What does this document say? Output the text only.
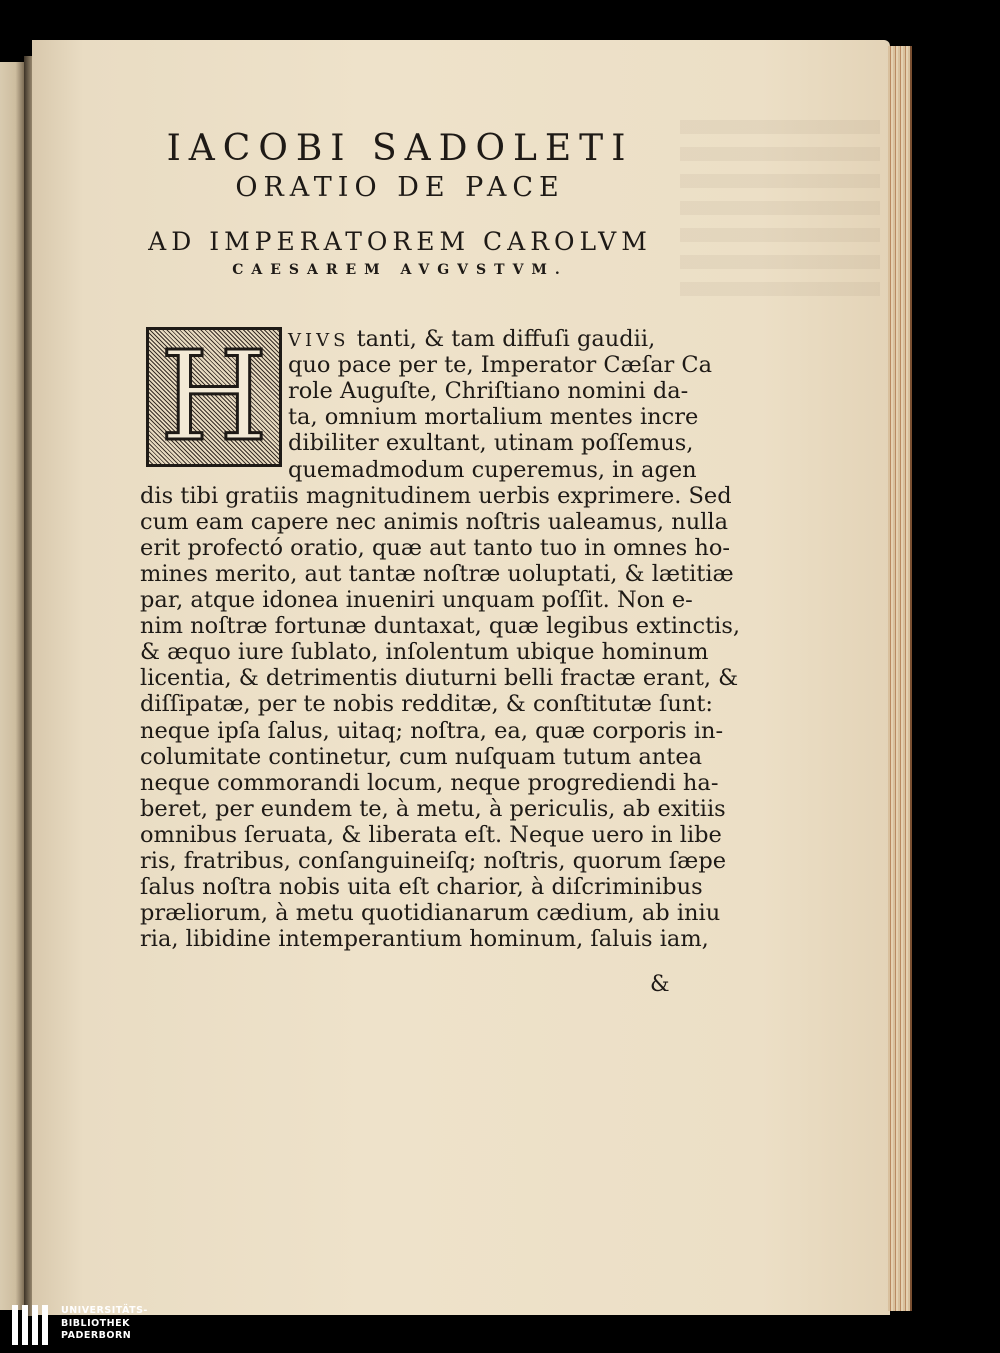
IACOBI SADOLETI
ORATIO DE PACE
AD IMPERATOREM CAROLVM
CAESAREM AVGVSTVM.
H VIVS tanti, & tam diffuſi gaudii,
quo pace per te, Imperator Cæſar Ca
role Auguſte, Chriſtiano nomini da-
ta, omnium mortalium mentes incre
dibiliter exultant, utinam poſſemus,
quemadmodum cuperemus, in agen
dis tibi gratiis magnitudinem uerbis exprimere. Sed
cum eam capere nec animis noſtris ualeamus, nulla
erit profectó oratio, quæ aut tanto tuo in omnes ho-
mines merito, aut tantæ noſtræ uoluptati, & lætitiæ
par, atque idonea inueniri unquam poſſit. Non e-
nim noſtræ fortunæ duntaxat, quæ legibus extinctis,
& æquo iure ſublato, inſolentum ubique hominum
licentia, & detrimentis diuturni belli fractæ erant, &
diſſipatæ, per te nobis redditæ, & conſtitutæ ſunt:
neque ipſa ſalus, uitaq; noſtra, ea, quæ corporis in-
columitate continetur, cum nuſquam tutum antea
neque commorandi locum, neque progrediendi ha-
beret, per eundem te, à metu, à periculis, ab exitiis
omnibus ſeruata, & liberata eſt. Neque uero in libe
ris, fratribus, conſanguineiſq; noſtris, quorum ſæpe
ſalus noſtra nobis uita eſt charior, à diſcriminibus
præliorum, à metu quotidianarum cædium, ab iniu
ria, libidine intemperantium hominum, ſaluis iam,
&
UNIVERSITÄTS-
BIBLIOTHEK
PADERBORN
